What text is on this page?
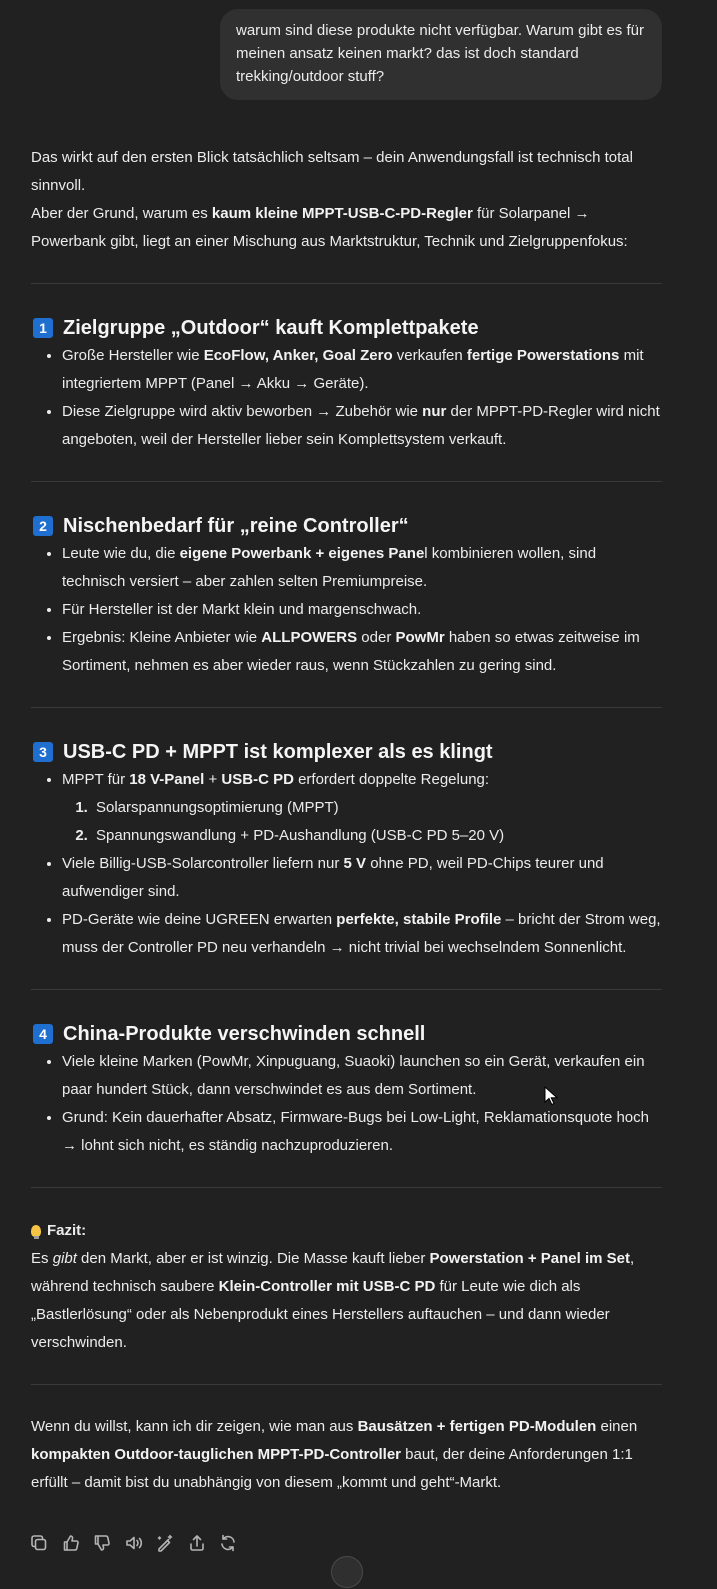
warum sind diese produkte nicht verfügbar. Warum gibt es für meinen ansatz keinen markt? das ist doch standard trekking/outdoor stuff?

Das wirkt auf den ersten Blick tatsächlich seltsam – dein Anwendungsfall ist technisch total sinnvoll.

Aber der Grund, warum es kaum kleine MPPT-USB-C-PD-Regler für Solarpanel → Powerbank gibt, liegt an einer Mischung aus Marktstruktur, Technik und Zielgruppenfokus:

1 Zielgruppe „Outdoor“ kauft Komplettpakete
• Große Hersteller wie EcoFlow, Anker, Goal Zero verkaufen fertige Powerstations mit integriertem MPPT (Panel → Akku → Geräte).
• Diese Zielgruppe wird aktiv beworben → Zubehör wie nur der MPPT-PD-Regler wird nicht angeboten, weil der Hersteller lieber sein Komplettsystem verkauft.
2 Nischenbedarf für „reine Controller“
• Leute wie du, die eigene Powerbank + eigenes Panel kombinieren wollen, sind technisch versiert – aber zahlen selten Premiumpreise.
• Für Hersteller ist der Markt klein und margenschwach.
• Ergebnis: Kleine Anbieter wie ALLPOWERS oder PowMr haben so etwas zeitweise im Sortiment, nehmen es aber wieder raus, wenn Stückzahlen zu gering sind.
3 USB-C PD + MPPT ist komplexer als es klingt
• MPPT für 18 V-Panel + USB-C PD erfordert doppelte Regelung:
1. Solarspannungsoptimierung (MPPT)
2. Spannungswandlung + PD-Aushandlung (USB-C PD 5–20 V)
• Viele Billig-USB-Solarcontroller liefern nur 5 V ohne PD, weil PD-Chips teurer und aufwendiger sind.
• PD-Geräte wie deine UGREEN erwarten perfekte, stabile Profile – bricht der Strom weg, muss der Controller PD neu verhandeln → nicht trivial bei wechselndem Sonnenlicht.
4 China-Produkte verschwinden schnell
• Viele kleine Marken (PowMr, Xinpuguang, Suaoki) launchen so ein Gerät, verkaufen ein paar hundert Stück, dann verschwindet es aus dem Sortiment.
• Grund: Kein dauerhafter Absatz, Firmware-Bugs bei Low-Light, Reklamationsquote hoch → lohnt sich nicht, es ständig nachzuproduzieren.

Fazit:

Es gibt den Markt, aber er ist winzig. Die Masse kauft lieber Powerstation + Panel im Set, während technisch saubere Klein-Controller mit USB-C PD für Leute wie dich als „Bastlerlösung“ oder als Nebenprodukt eines Herstellers auftauchen – und dann wieder verschwinden.

Wenn du willst, kann ich dir zeigen, wie man aus Bausätzen + fertigen PD-Modulen einen kompakten Outdoor-tauglichen MPPT-PD-Controller baut, der deine Anforderungen 1:1 erfüllt – damit bist du unabhängig von diesem „kommt und geht“-Markt.
